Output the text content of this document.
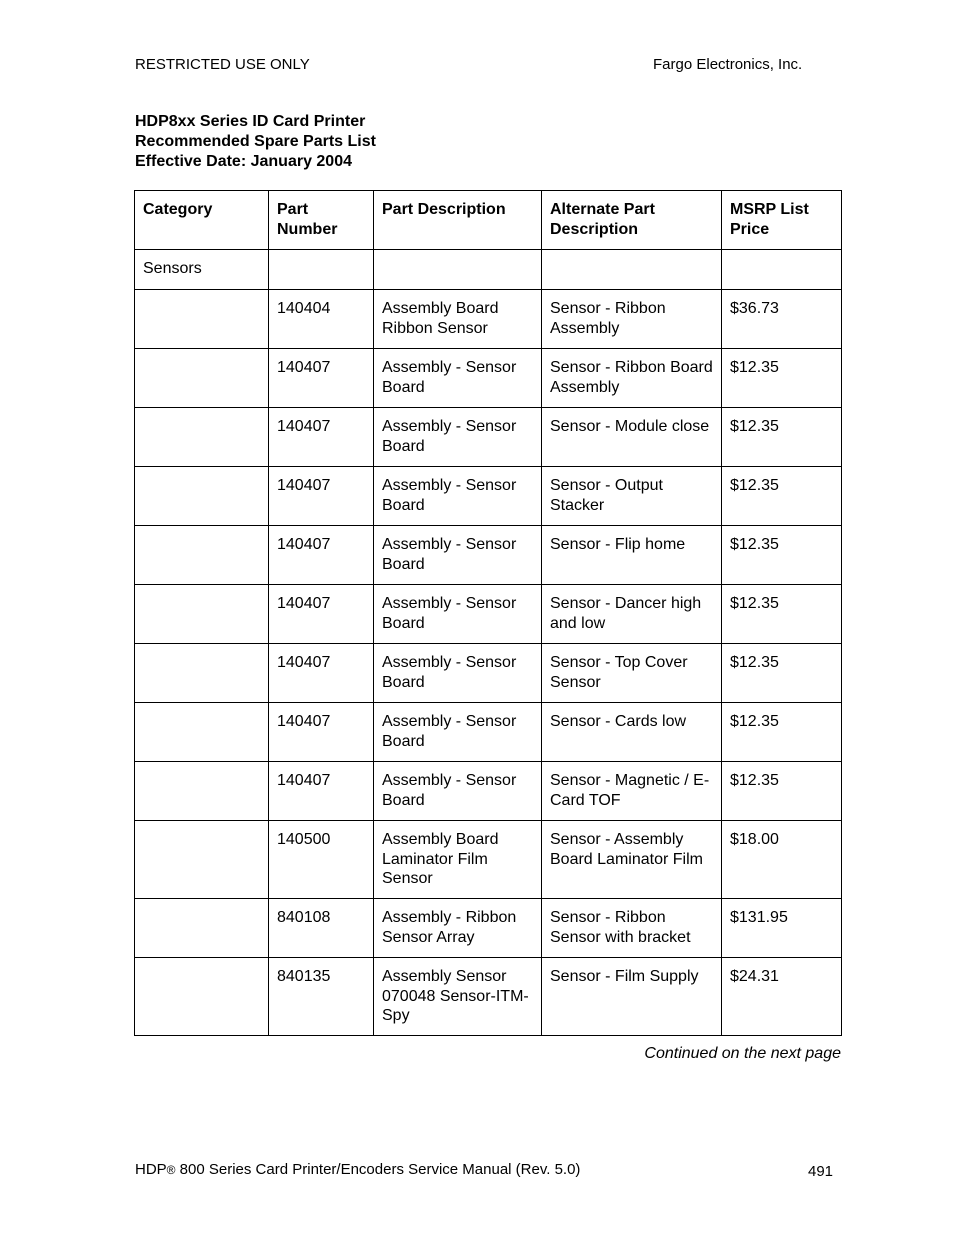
RESTRICTED USE ONLY	Fargo Electronics, Inc.
HDP8xx Series ID Card Printer
Recommended Spare Parts List
Effective Date: January 2004
Category	Part Number	Part Description	Alternate Part Description	MSRP List Price
Sensors				
	140404	Assembly Board Ribbon Sensor	Sensor - Ribbon Assembly	$36.73
	140407	Assembly - Sensor Board	Sensor - Ribbon Board Assembly	$12.35
	140407	Assembly - Sensor Board	Sensor - Module close	$12.35
	140407	Assembly - Sensor Board	Sensor - Output Stacker	$12.35
	140407	Assembly - Sensor Board	Sensor - Flip home	$12.35
	140407	Assembly - Sensor Board	Sensor - Dancer high and low	$12.35
	140407	Assembly - Sensor Board	Sensor - Top Cover Sensor	$12.35
	140407	Assembly - Sensor Board	Sensor - Cards low	$12.35
	140407	Assembly - Sensor Board	Sensor - Magnetic / E-Card TOF	$12.35
	140500	Assembly Board Laminator Film Sensor	Sensor - Assembly Board Laminator Film	$18.00
	840108	Assembly - Ribbon Sensor Array	Sensor - Ribbon Sensor with bracket	$131.95
	840135	Assembly Sensor 070048 Sensor-ITM-Spy	Sensor - Film Supply	$24.31
Continued on the next page
HDP® 800 Series Card Printer/Encoders Service Manual (Rev. 5.0)	491
